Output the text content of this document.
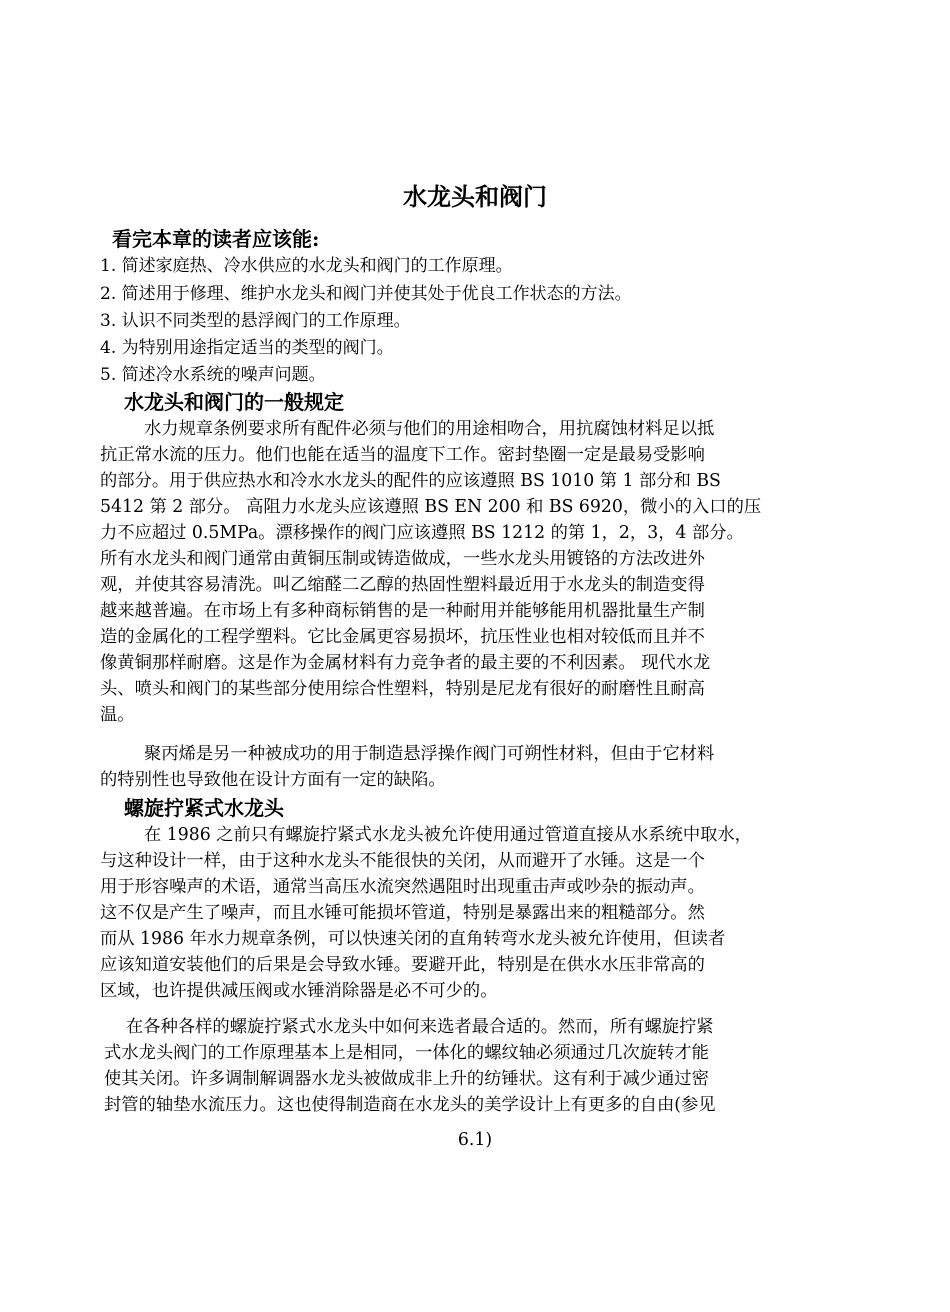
水龙头和阀门
看完本章的读者应该能:
1. 简述家庭热、冷水供应的水龙头和阀门的工作原理。
2. 简述用于修理、维护水龙头和阀门并使其处于优良工作状态的方法。
3. 认识不同类型的悬浮阀门的工作原理。
4. 为特别用途指定适当的类型的阀门。
5. 简述冷水系统的噪声问题。
水龙头和阀门的一般规定
水力规章条例要求所有配件必须与他们的用途相吻合，用抗腐蚀材料足以抵
抗正常水流的压力。他们也能在适当的温度下工作。密封垫圈一定是最易受影响
的部分。用于供应热水和冷水水龙头的配件的应该遵照 BS 1010 第 1 部分和 BS
5412 第 2 部分。 高阻力水龙头应该遵照 BS EN 200 和 BS 6920，微小的入口的压
力不应超过 0.5MPa。漂移操作的阀门应该遵照 BS 1212 的第 1，2，3，4 部分。
所有水龙头和阀门通常由黄铜压制或铸造做成，一些水龙头用镀铬的方法改进外
观，并使其容易清洗。叫乙缩醛二乙醇的热固性塑料最近用于水龙头的制造变得
越来越普遍。在市场上有多种商标销售的是一种耐用并能够能用机器批量生产制
造的金属化的工程学塑料。它比金属更容易损坏，抗压性业也相对较低而且并不
像黄铜那样耐磨。这是作为金属材料有力竞争者的最主要的不利因素。 现代水龙
头、喷头和阀门的某些部分使用综合性塑料，特别是尼龙有很好的耐磨性且耐高
温。
聚丙烯是另一种被成功的用于制造悬浮操作阀门可朔性材料，但由于它材料
的特别性也导致他在设计方面有一定的缺陷。
螺旋拧紧式水龙头
在 1986 之前只有螺旋拧紧式水龙头被允许使用通过管道直接从水系统中取水，
与这种设计一样，由于这种水龙头不能很快的关闭，从而避开了水锤。这是一个
用于形容噪声的术语，通常当高压水流突然遇阻时出现重击声或吵杂的振动声。
这不仅是产生了噪声，而且水锤可能损坏管道，特别是暴露出来的粗糙部分。然
而从 1986 年水力规章条例，可以快速关闭的直角转弯水龙头被允许使用，但读者
应该知道安装他们的后果是会导致水锤。要避开此，特别是在供水水压非常高的
区域，也许提供减压阀或水锤消除器是必不可少的。
在各种各样的螺旋拧紧式水龙头中如何来选者最合适的。然而，所有螺旋拧紧
式水龙头阀门的工作原理基本上是相同，一体化的螺纹轴必须通过几次旋转才能
使其关闭。许多调制解调器水龙头被做成非上升的纺锤状。这有利于减少通过密
封管的轴垫水流压力。这也使得制造商在水龙头的美学设计上有更多的自由(参见
6.1)
